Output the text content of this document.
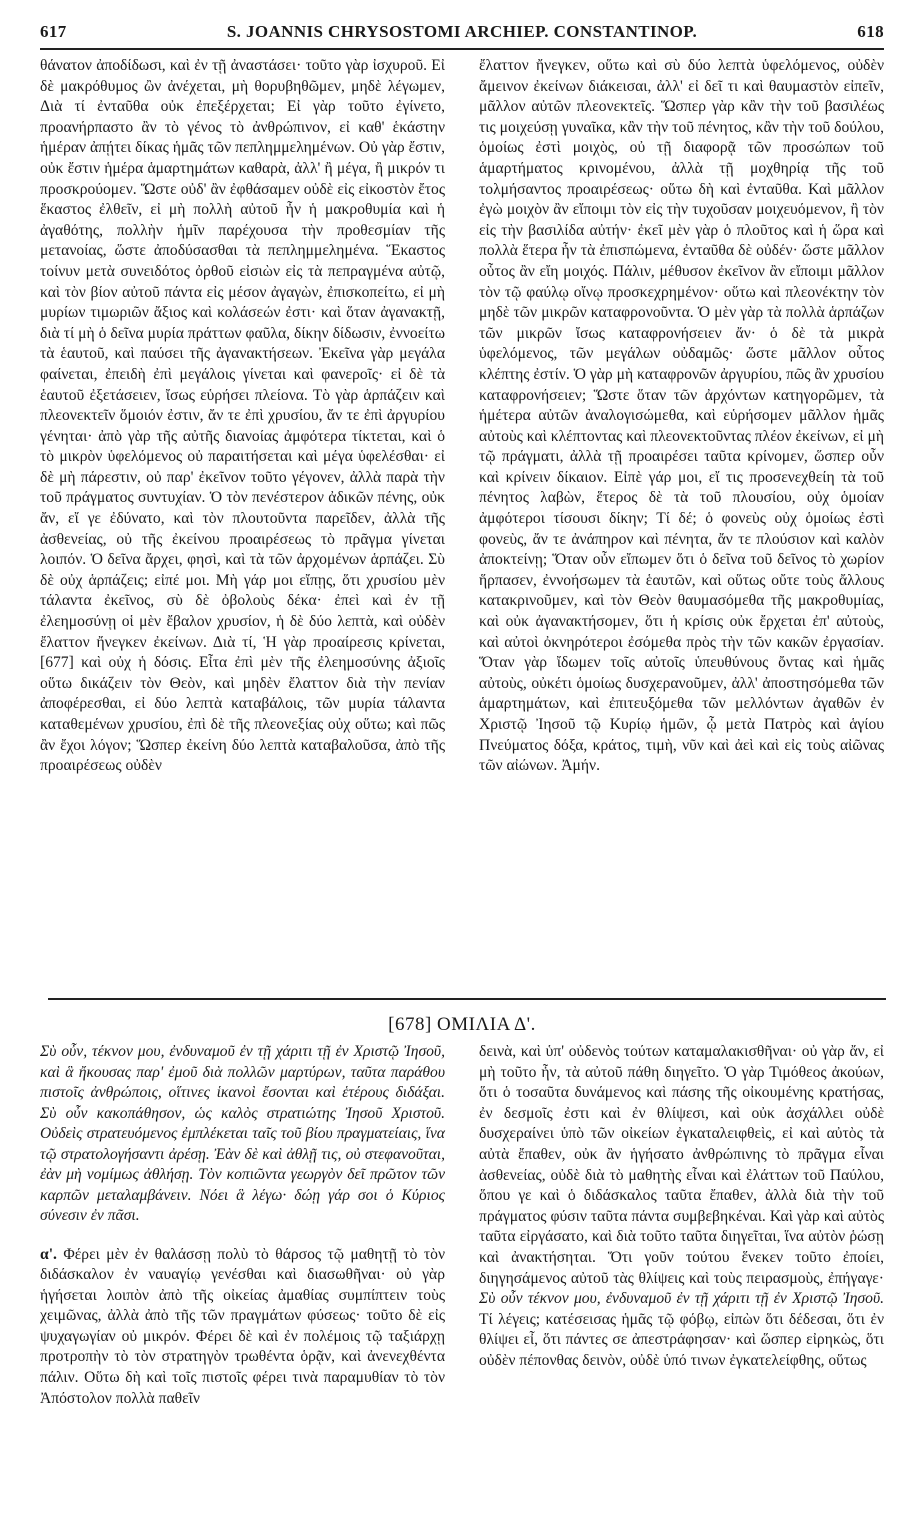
617	S. JOANNIS CHRYSOSTOMI ARCHIEP. CONSTANTINOP.	618

θάνατον ἀποδίδωσι, καὶ ἐν τῇ ἀναστάσει· τοῦτο γὰρ ἰσχυροῦ. Εἰ δὲ μακρόθυμος ὢν ἀνέχεται, μὴ θορυβηθῶμεν, μηδὲ λέγωμεν, Διὰ τί ἐνταῦθα οὐκ ἐπεξέρχεται; Εἰ γὰρ τοῦτο ἐγίνετο, προανήρπαστο ἂν τὸ γένος τὸ ἀνθρώπινον, εἰ καθ' ἑκάστην ἡμέραν ἀπῄτει δίκας ἡμᾶς τῶν πεπλημμελημένων. Οὐ γὰρ ἔστιν, οὐκ ἔστιν ἡμέρα ἁμαρτημάτων καθαρὰ, ἀλλ' ἢ μέγα, ἢ μικρόν τι προσκρούομεν. Ὥστε οὐδ' ἂν ἐφθάσαμεν οὐδὲ εἰς εἰκοστὸν ἔτος ἕκαστος ἐλθεῖν, εἰ μὴ πολλὴ αὐτοῦ ἦν ἡ μακροθυμία καὶ ἡ ἀγαθότης, πολλὴν ἡμῖν παρέχουσα τὴν προθεσμίαν τῆς μετανοίας, ὥστε ἀποδύσασθαι τὰ πεπλημμελημένα. Ἕκαστος τοίνυν μετὰ συνειδότος ὀρθοῦ εἰσιὼν εἰς τὰ πεπραγμένα αὐτῷ, καὶ τὸν βίον αὐτοῦ πάντα εἰς μέσον ἀγαγὼν, ἐπισκοπείτω, εἰ μὴ μυρίων τιμωριῶν ἄξιος καὶ κολάσεών ἐστι· καὶ ὅταν ἀγανακτῇ, διὰ τί μὴ ὁ δεῖνα μυρία πράττων φαῦλα, δίκην δίδωσιν, ἐννοείτω τὰ ἑαυτοῦ, καὶ παύσει τῆς ἀγανακτήσεων. Ἐκεῖνα γὰρ μεγάλα φαίνεται, ἐπειδὴ ἐπὶ μεγάλοις γίνεται καὶ φανεροῖς· εἰ δὲ τὰ ἑαυτοῦ ἐξετάσειεν, ἴσως εὑρήσει πλείονα. Τὸ γὰρ ἁρπάζειν καὶ πλεονεκτεῖν ὅμοιόν ἐστιν, ἄν τε ἐπὶ χρυσίου, ἄν τε ἐπὶ ἀργυρίου γένηται· ἀπὸ γὰρ τῆς αὐτῆς διανοίας ἀμφότερα τίκτεται, καὶ ὁ τὸ μικρὸν ὑφελόμενος οὐ παραιτήσεται καὶ μέγα ὑφελέσθαι· εἰ δὲ μὴ πάρεστιν, οὐ παρ' ἐκεῖνον τοῦτο γέγονεν, ἀλλὰ παρὰ τὴν τοῦ πράγματος συντυχίαν. Ὁ τὸν πενέστερον ἀδικῶν πένης, οὐκ ἄν, εἴ γε ἐδύνατο, καὶ τὸν πλουτοῦντα παρεῖδεν, ἀλλὰ τῆς ἀσθενείας, οὐ τῆς ἐκείνου προαιρέσεως τὸ πρᾶγμα γίνεται λοιπόν. Ὁ δεῖνα ἄρχει, φησὶ, καὶ τὰ τῶν ἀρχομένων ἁρπάζει. Σὺ δὲ οὐχ ἁρπάζεις; εἰπέ μοι. Μὴ γάρ μοι εἴπῃς, ὅτι χρυσίου μὲν τάλαντα ἐκεῖνος, σὺ δὲ ὀβολοὺς δέκα· ἐπεὶ καὶ ἐν τῇ ἐλεημοσύνῃ οἱ μὲν ἔβαλον χρυσίον, ἡ δὲ δύο λεπτὰ, καὶ οὐδὲν ἔλαττον ἤνεγκεν ἐκείνων. Διὰ τί, Ἡ γὰρ προαίρεσις κρίνεται, [677] καὶ οὐχ ἡ δόσις. Εἶτα ἐπὶ μὲν τῆς ἐλεημοσύνης ἀξιοῖς οὕτω δικάζειν τὸν Θεὸν, καὶ μηδὲν ἔλαττον διὰ τὴν πενίαν ἀποφέρεσθαι, εἰ δύο λεπτὰ καταβάλοις, τῶν μυρία τάλαντα καταθεμένων χρυσίου, ἐπὶ δὲ τῆς πλεονεξίας οὐχ οὕτω; καὶ πῶς ἂν ἔχοι λόγον; Ὥσπερ ἐκείνη δύο λεπτὰ καταβαλοῦσα, ἀπὸ τῆς προαιρέσεως οὐδὲν

ἔλαττον ἤνεγκεν, οὕτω καὶ σὺ δύο λεπτὰ ὑφελόμενος, οὐδὲν ἄμεινον ἐκείνων διάκεισαι, ἀλλ' εἰ δεῖ τι καὶ θαυμαστὸν εἰπεῖν, μᾶλλον αὐτῶν πλεονεκτεῖς. Ὥσπερ γὰρ κἂν τὴν τοῦ βασιλέως τις μοιχεύσῃ γυναῖκα, κἂν τὴν τοῦ πένητος, κἂν τὴν τοῦ δούλου, ὁμοίως ἐστὶ μοιχὸς, οὐ τῇ διαφορᾷ τῶν προσώπων τοῦ ἁμαρτήματος κρινομένου, ἀλλὰ τῇ μοχθηρίᾳ τῆς τοῦ τολμήσαντος προαιρέσεως· οὕτω δὴ καὶ ἐνταῦθα. Καὶ μᾶλλον ἐγὼ μοιχὸν ἂν εἴποιμι τὸν εἰς τὴν τυχοῦσαν μοιχευόμενον, ἢ τὸν εἰς τὴν βασιλίδα αὐτήν· ἐκεῖ μὲν γὰρ ὁ πλοῦτος καὶ ἡ ὥρα καὶ πολλὰ ἕτερα ἦν τὰ ἐπισπώμενα, ἐνταῦθα δὲ οὐδέν· ὥστε μᾶλλον οὗτος ἂν εἴη μοιχός. Πάλιν, μέθυσον ἐκεῖνον ἂν εἴποιμι μᾶλλον τὸν τῷ φαύλῳ οἴνῳ προσκεχρημένον· οὕτω καὶ πλεονέκτην τὸν μηδὲ τῶν μικρῶν καταφρονοῦντα. Ὁ μὲν γὰρ τὰ πολλὰ ἁρπάζων τῶν μικρῶν ἴσως καταφρονήσειεν ἄν· ὁ δὲ τὰ μικρὰ ὑφελόμενος, τῶν μεγάλων οὐδαμῶς· ὥστε μᾶλλον οὗτος κλέπτης ἐστίν. Ὁ γὰρ μὴ καταφρονῶν ἀργυρίου, πῶς ἂν χρυσίου καταφρονήσειεν; Ὥστε ὅταν τῶν ἀρχόντων κατηγορῶμεν, τὰ ἡμέτερα αὐτῶν ἀναλογισώμεθα, καὶ εὑρήσομεν μᾶλλον ἡμᾶς αὐτοὺς καὶ κλέπτοντας καὶ πλεονεκτοῦντας πλέον ἐκείνων, εἰ μὴ τῷ πράγματι, ἀλλὰ τῇ προαιρέσει ταῦτα κρίνομεν, ὥσπερ οὖν καὶ κρίνειν δίκαιον. Εἰπὲ γάρ μοι, εἴ τις προσενεχθείη τὰ τοῦ πένητος λαβὼν, ἕτερος δὲ τὰ τοῦ πλουσίου, οὐχ ὁμοίαν ἀμφότεροι τίσουσι δίκην; Τί δέ; ὁ φονεὺς οὐχ ὁμοίως ἐστὶ φονεὺς, ἄν τε ἀνάπηρον καὶ πένητα, ἄν τε πλούσιον καὶ καλὸν ἀποκτείνῃ; Ὅταν οὖν εἴπωμεν ὅτι ὁ δεῖνα τοῦ δεῖνος τὸ χωρίον ἥρπασεν, ἐννοήσωμεν τὰ ἑαυτῶν, καὶ οὕτως οὔτε τοὺς ἄλλους κατακρινοῦμεν, καὶ τὸν Θεὸν θαυμασόμεθα τῆς μακροθυμίας, καὶ οὐκ ἀγανακτήσομεν, ὅτι ἡ κρίσις οὐκ ἔρχεται ἐπ' αὐτοὺς, καὶ αὐτοὶ ὀκνηρότεροι ἐσόμεθα πρὸς τὴν τῶν κακῶν ἐργασίαν. Ὅταν γὰρ ἴδωμεν τοῖς αὐτοῖς ὑπευθύνους ὄντας καὶ ἡμᾶς αὐτοὺς, οὐκέτι ὁμοίως δυσχερανοῦμεν, ἀλλ' ἀποστησόμεθα τῶν ἁμαρτημάτων, καὶ ἐπιτευξόμεθα τῶν μελλόντων ἀγαθῶν ἐν Χριστῷ Ἰησοῦ τῷ Κυρίῳ ἡμῶν, ᾧ μετὰ Πατρὸς καὶ ἁγίου Πνεύματος δόξα, κράτος, τιμὴ, νῦν καὶ ἀεὶ καὶ εἰς τοὺς αἰῶνας τῶν αἰώνων. Ἀμήν.

[678] ΟΜΙΛΙΑ Δ'.

Σὺ οὖν, τέκνον μου, ἐνδυναμοῦ ἐν τῇ χάριτι τῇ ἐν Χριστῷ Ἰησοῦ, καὶ ἃ ἤκουσας παρ' ἐμοῦ διὰ πολλῶν μαρτύρων, ταῦτα παράθου πιστοῖς ἀνθρώποις, οἵτινες ἱκανοὶ ἔσονται καὶ ἑτέρους διδάξαι. Σὺ οὖν κακοπάθησον, ὡς καλὸς στρατιώτης Ἰησοῦ Χριστοῦ. Οὐδεὶς στρατευόμενος ἐμπλέκεται ταῖς τοῦ βίου πραγματείαις, ἵνα τῷ στρατολογήσαντι ἀρέσῃ. Ἐὰν δὲ καὶ ἀθλῇ τις, οὐ στεφανοῦται, ἐὰν μὴ νομίμως ἀθλήσῃ. Τὸν κοπιῶντα γεωργὸν δεῖ πρῶτον τῶν καρπῶν μεταλαμβάνειν. Νόει ἃ λέγω· δώῃ γάρ σοι ὁ Κύριος σύνεσιν ἐν πᾶσι.

α'. Φέρει μὲν ἐν θαλάσσῃ πολὺ τὸ θάρσος τῷ μαθητῇ τὸ τὸν διδάσκαλον ἐν ναυαγίῳ γενέσθαι καὶ διασωθῆναι· οὐ γὰρ ἡγήσεται λοιπὸν ἀπὸ τῆς οἰκείας ἀμαθίας συμπίπτειν τοὺς χειμῶνας, ἀλλὰ ἀπὸ τῆς τῶν πραγμάτων φύσεως· τοῦτο δὲ εἰς ψυχαγωγίαν οὐ μικρόν. Φέρει δὲ καὶ ἐν πολέμοις τῷ ταξιάρχῃ προτροπὴν τὸ τὸν στρατηγὸν τρωθέντα ὁρᾷν, καὶ ἀνενεχθέντα πάλιν. Οὕτω δὴ καὶ τοῖς πιστοῖς φέρει τινὰ παραμυθίαν τὸ τὸν Ἀπόστολον πολλὰ παθεῖν

δεινὰ, καὶ ὑπ' οὐδενὸς τούτων καταμαλακισθῆναι· οὐ γὰρ ἄν, εἰ μὴ τοῦτο ἦν, τὰ αὐτοῦ πάθη διηγεῖτο. Ὁ γὰρ Τιμόθεος ἀκούων, ὅτι ὁ τοσαῦτα δυνάμενος καὶ πάσης τῆς οἰκουμένης κρατήσας, ἐν δεσμοῖς ἐστι καὶ ἐν θλίψεσι, καὶ οὐκ ἀσχάλλει οὐδὲ δυσχεραίνει ὑπὸ τῶν οἰκείων ἐγκαταλειφθεὶς, εἰ καὶ αὐτὸς τὰ αὐτὰ ἔπαθεν, οὐκ ἂν ἡγήσατο ἀνθρώπινης τὸ πρᾶγμα εἶναι ἀσθενείας, οὐδὲ διὰ τὸ μαθητὴς εἶναι καὶ ἐλάττων τοῦ Παύλου, ὅπου γε καὶ ὁ διδάσκαλος ταῦτα ἔπαθεν, ἀλλὰ διὰ τὴν τοῦ πράγματος φύσιν ταῦτα πάντα συμβεβηκέναι. Καὶ γὰρ καὶ αὐτὸς ταῦτα εἰργάσατο, καὶ διὰ τοῦτο ταῦτα διηγεῖται, ἵνα αὐτὸν ῥώσῃ καὶ ἀνακτήσηται. Ὅτι γοῦν τούτου ἕνεκεν τοῦτο ἐποίει, διηγησάμενος αὐτοῦ τὰς θλίψεις καὶ τοὺς πειρασμοὺς, ἐπήγαγε· Σὺ οὖν τέκνον μου, ἐνδυναμοῦ ἐν τῇ χάριτι τῇ ἐν Χριστῷ Ἰησοῦ. Τί λέγεις; κατέσεισας ἡμᾶς τῷ φόβῳ, εἰπὼν ὅτι δέδεσαι, ὅτι ἐν θλίψει εἶ, ὅτι πάντες σε ἀπεστράφησαν· καὶ ὥσπερ εἰρηκὼς, ὅτι οὐδὲν πέπονθας δεινὸν, οὐδὲ ὑπό τινων ἐγκατελείφθης, οὕτως
